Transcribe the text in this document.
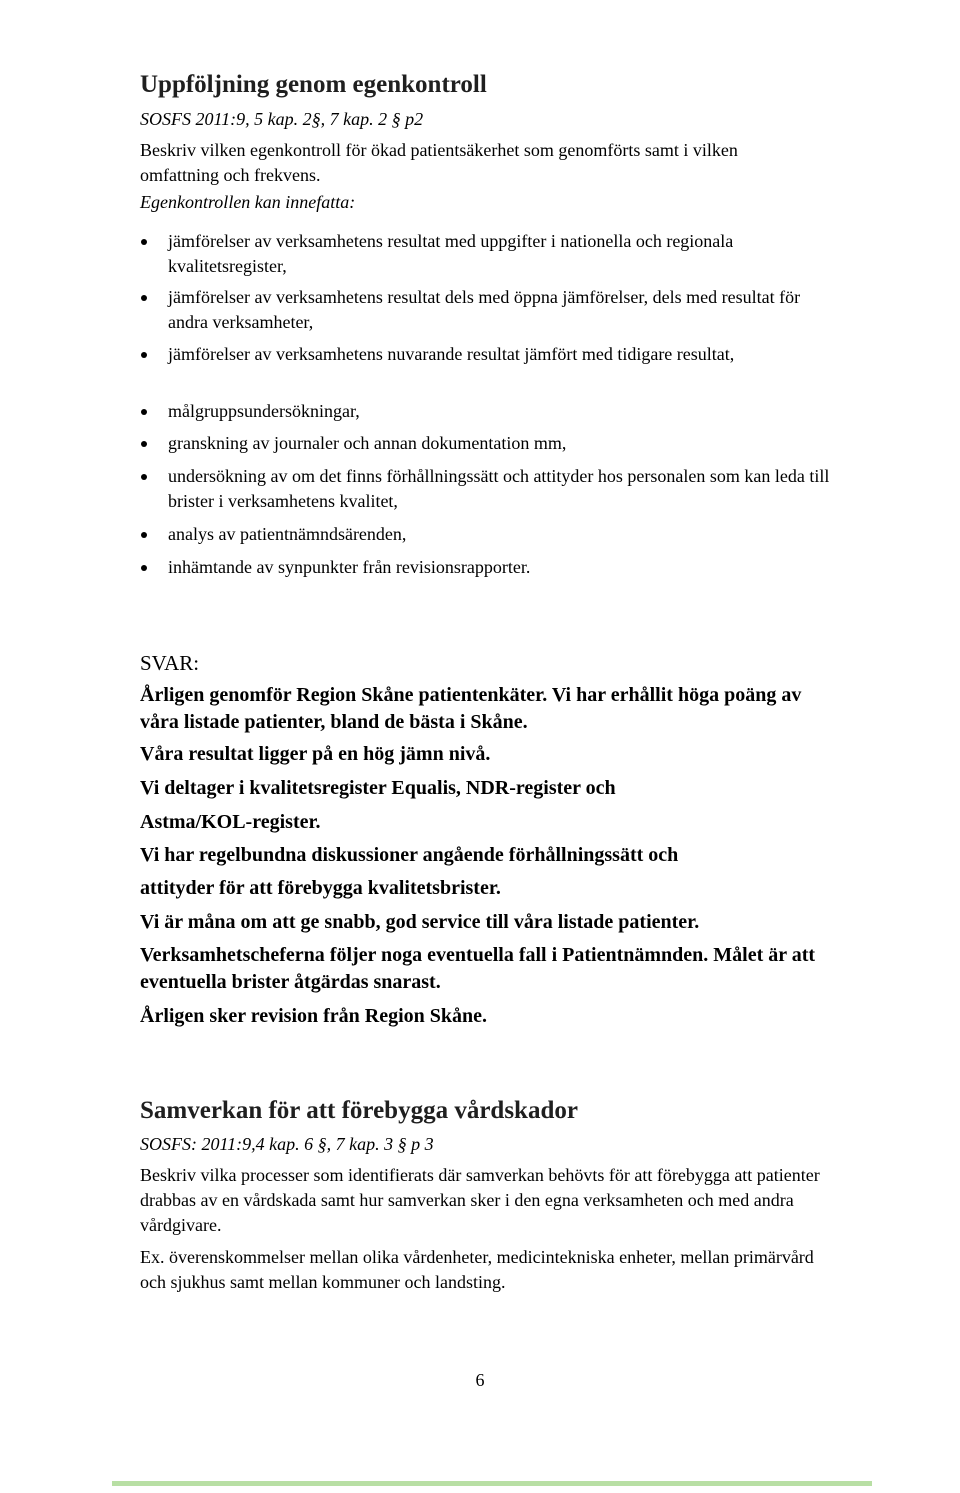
Uppföljning genom egenkontroll

SOSFS 2011:9, 5 kap. 2§, 7 kap. 2 § p2

Beskriv vilken egenkontroll för ökad patientsäkerhet som genomförts samt i vilken omfattning och frekvens.

Egenkontrollen kan innefatta:

jämförelser av verksamhetens resultat med uppgifter i nationella och regionala kvalitetsregister,
jämförelser av verksamhetens resultat dels med öppna jämförelser, dels med resultat för andra verksamheter,
jämförelser av verksamhetens nuvarande resultat jämfört med tidigare resultat,
målgruppsundersökningar,
granskning av journaler och annan dokumentation mm,
undersökning av om det finns förhållningssätt och attityder hos personalen som kan leda till brister i verksamhetens kvalitet,
analys av patientnämndsärenden,
inhämtande av synpunkter från revisionsrapporter.

SVAR:

Årligen genomför Region Skåne patientenkäter. Vi har erhållit höga poäng av våra listade patienter, bland de bästa i Skåne.

Våra resultat ligger på en hög jämn nivå.

Vi deltager i kvalitetsregister Equalis, NDR-register och

Astma/KOL-register.

Vi har regelbundna diskussioner angående förhållningssätt och

attityder för att förebygga kvalitetsbrister.

Vi är måna om att ge snabb, god service till våra listade patienter.

Verksamhetscheferna följer noga eventuella fall i Patientnämnden. Målet är att eventuella brister åtgärdas snarast.

Årligen sker revision från Region Skåne.

Samverkan för att förebygga vårdskador

SOSFS: 2011:9,4 kap. 6 §, 7 kap. 3 § p 3

Beskriv vilka processer som identifierats där samverkan behövts för att förebygga att patienter drabbas av en vårdskada samt hur samverkan sker i den egna verksamheten och med andra vårdgivare.

Ex. överenskommelser mellan olika vårdenheter, medicintekniska enheter, mellan primärvård och sjukhus samt mellan kommuner och landsting.

6
